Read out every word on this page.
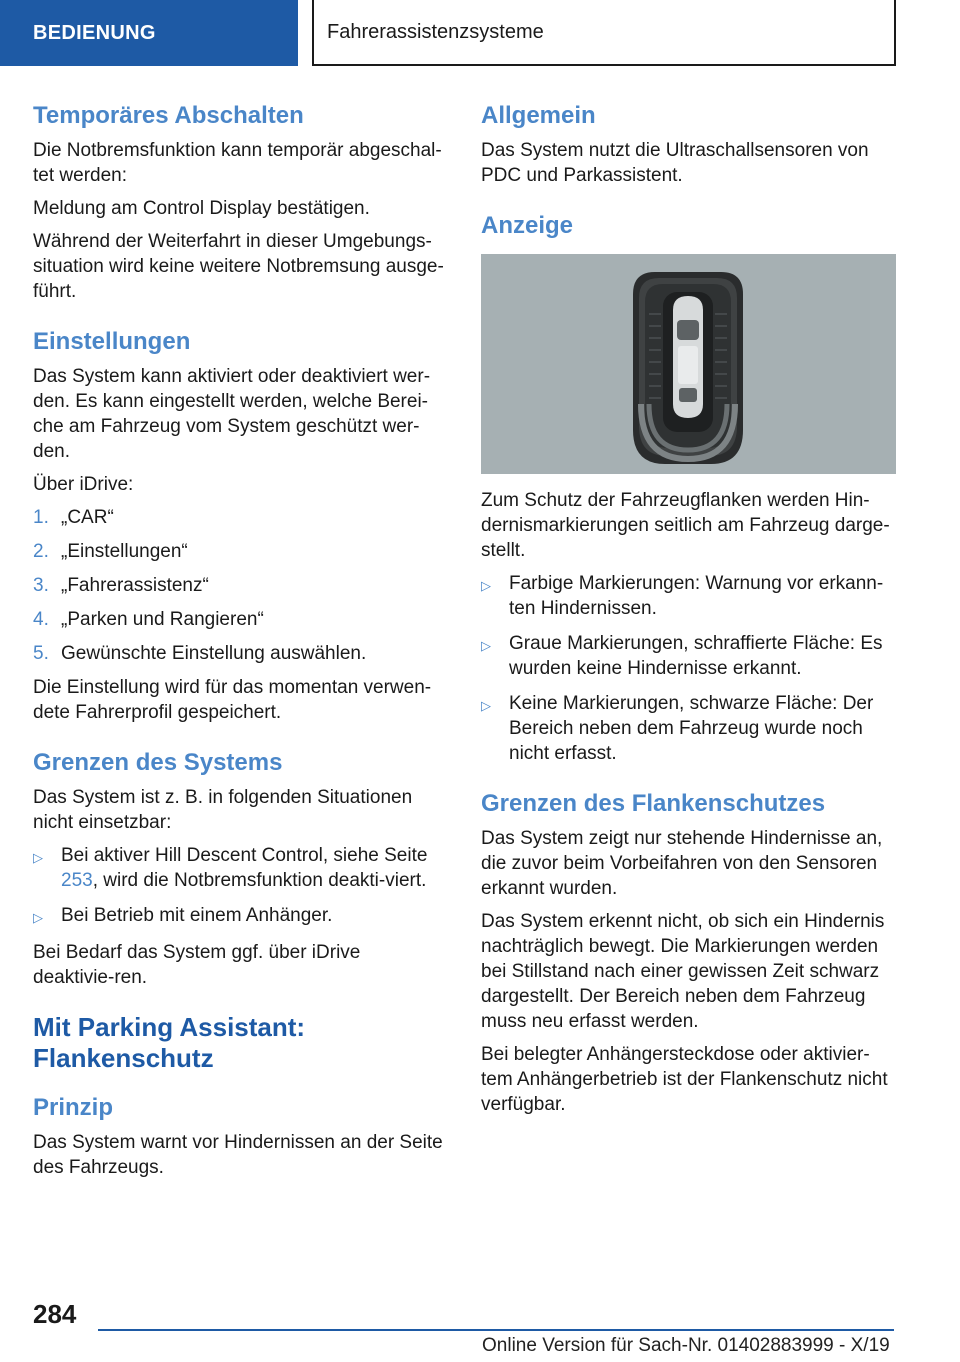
BEDIENUNG	Fahrerassistenzsysteme
Temporäres Abschalten

Die Notbremsfunktion kann temporär abgeschal-tet werden:

Meldung am Control Display bestätigen.

Während der Weiterfahrt in dieser Umgebungs-situation wird keine weitere Notbremsung ausge-führt.

Einstellungen

Das System kann aktiviert oder deaktiviert wer-den. Es kann eingestellt werden, welche Berei-che am Fahrzeug vom System geschützt wer-den.

Über iDrive:

1. „CAR“
2. „Einstellungen“
3. „Fahrerassistenz“
4. „Parken und Rangieren“
5. Gewünschte Einstellung auswählen.

Die Einstellung wird für das momentan verwen-dete Fahrerprofil gespeichert.

Grenzen des Systems

Das System ist z. B. in folgenden Situationen nicht einsetzbar:

▷ Bei aktiver Hill Descent Control, siehe Seite 253, wird die Notbremsfunktion deakti-viert.
▷ Bei Betrieb mit einem Anhänger.

Bei Bedarf das System ggf. über iDrive deaktivie-ren.

Mit Parking Assistant: Flankenschutz
Prinzip

Das System warnt vor Hindernissen an der Seite des Fahrzeugs.

Allgemein

Das System nutzt die Ultraschallsensoren von PDC und Parkassistent.

Anzeige

Zum Schutz der Fahrzeugflanken werden Hin-dernismarkierungen seitlich am Fahrzeug darge-stellt.

▷ Farbige Markierungen: Warnung vor erkann-ten Hindernissen.
▷ Graue Markierungen, schraffierte Fläche: Es wurden keine Hindernisse erkannt.
▷ Keine Markierungen, schwarze Fläche: Der Bereich neben dem Fahrzeug wurde noch nicht erfasst.
Grenzen des Flankenschutzes

Das System zeigt nur stehende Hindernisse an, die zuvor beim Vorbeifahren von den Sensoren erkannt wurden.

Das System erkennt nicht, ob sich ein Hindernis nachträglich bewegt. Die Markierungen werden bei Stillstand nach einer gewissen Zeit schwarz dargestellt. Der Bereich neben dem Fahrzeug muss neu erfasst werden.

Bei belegter Anhängersteckdose oder aktivier-tem Anhängerbetrieb ist der Flankenschutz nicht verfügbar.

284
Online Version für Sach-Nr. 01402883999 - X/19
